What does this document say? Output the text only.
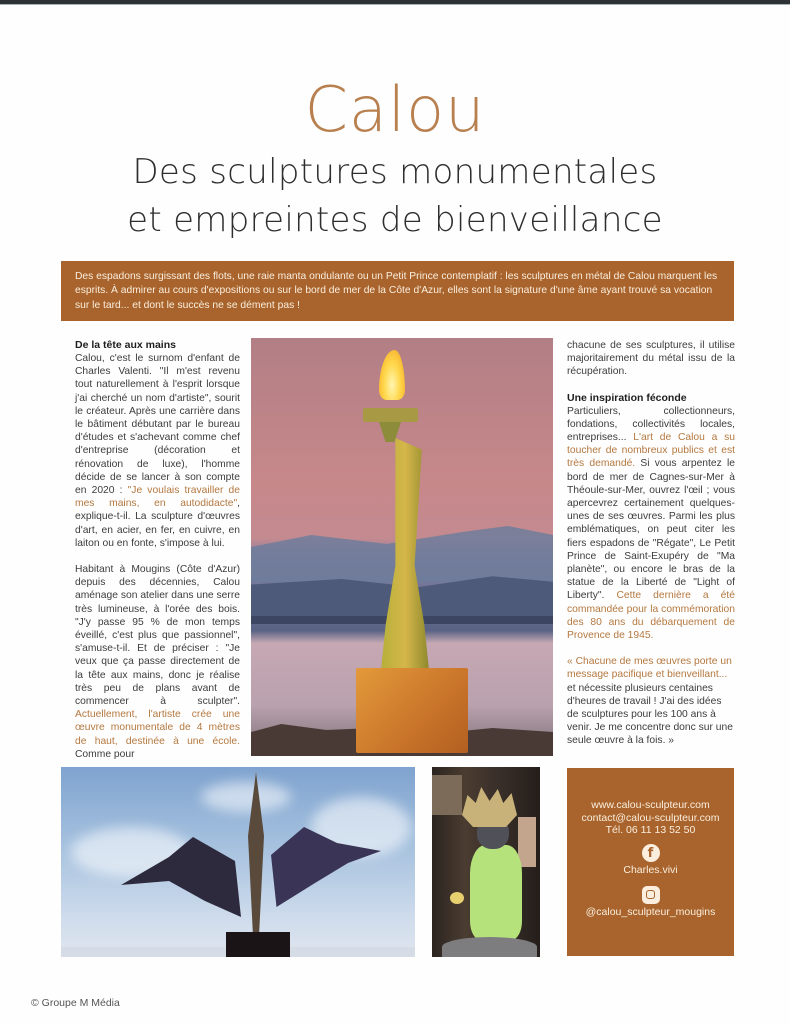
Calou
Des sculptures monumentales
et empreintes de bienveillance
Des espadons surgissant des flots, une raie manta ondulante ou un Petit Prince contemplatif : les sculptures en métal de Calou marquent les esprits. À admirer au cours d'expositions ou sur le bord de mer de la Côte d'Azur, elles sont la signature d'une âme ayant trouvé sa vocation sur le tard... et dont le succès ne se dément pas !
De la tête aux mains

Calou, c'est le surnom d'enfant de Charles Valenti. "Il m'est revenu tout naturellement à l'esprit lorsque j'ai cherché un nom d'artiste", sourit le créateur. Après une carrière dans le bâtiment débutant par le bureau d'études et s'achevant comme chef d'entreprise (décoration et rénovation de luxe), l'homme décide de se lancer à son compte en 2020 : "Je voulais travailler de mes mains, en autodidacte", explique-t-il. La sculpture d'œuvres d'art, en acier, en fer, en cuivre, en laiton ou en fonte, s'impose à lui.

Habitant à Mougins (Côte d'Azur) depuis des décennies, Calou aménage son atelier dans une serre très lumineuse, à l'orée des bois. "J'y passe 95 % de mon temps éveillé, c'est plus que passionnel", s'amuse-t-il. Et de préciser : "Je veux que ça passe directement de la tête aux mains, donc je réalise très peu de plans avant de commencer à sculpter". Actuellement, l'artiste crée une œuvre monumentale de 4 mètres de haut, destinée à une école. Comme pour

chacune de ses sculptures, il utilise majoritairement du métal issu de la récupération.

Une inspiration féconde

Particuliers, collectionneurs, fondations, collectivités locales, entreprises... L'art de Calou a su toucher de nombreux publics et est très demandé. Si vous arpentez le bord de mer de Cagnes-sur-Mer à Théoule-sur-Mer, ouvrez l'œil ; vous apercevrez certainement quelques-unes de ses œuvres. Parmi les plus emblématiques, on peut citer les fiers espadons de "Régate", Le Petit Prince de Saint-Exupéry de "Ma planète", ou encore le bras de la statue de la Liberté de "Light of Liberty". Cette dernière a été commandée pour la commémoration des 80 ans du débarquement de Provence de 1945.

« Chacune de mes œuvres porte un message pacifique et bienveillant... et nécessite plusieurs centaines d'heures de travail ! J'ai des idées de sculptures pour les 100 ans à venir. Je me concentre donc sur une seule œuvre à la fois. »

www.calou-sculpteur.com
contact@calou-sculpteur.com
Tél. 06 11 13 52 50
f
Charles.vivi
@calou_sculpteur_mougins
© Groupe M Média
